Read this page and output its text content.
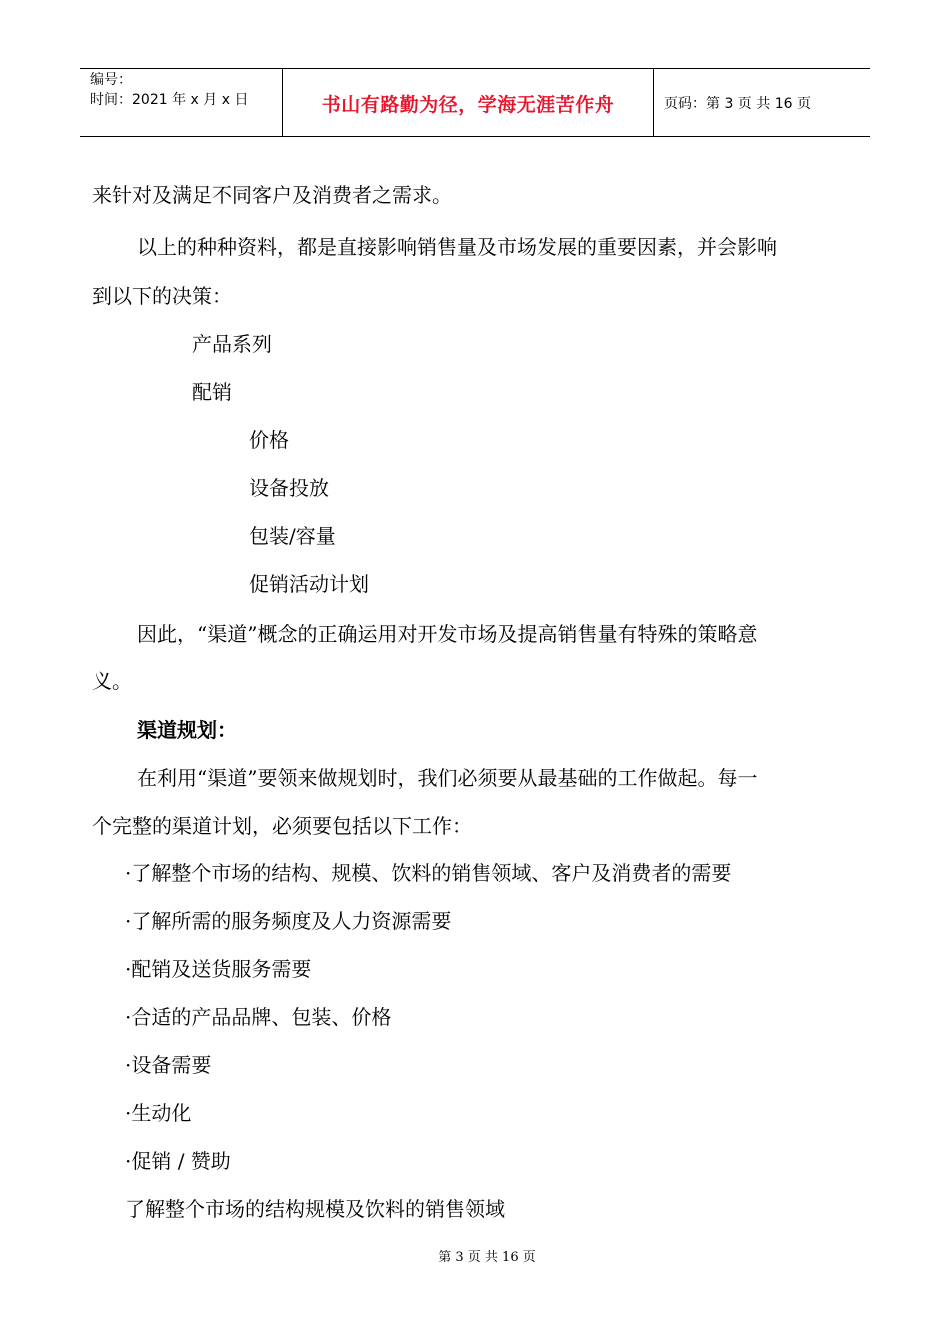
编号：
时间：2021 年 x 月 x 日	书山有路勤为径，学海无涯苦作舟	页码：第 3 页 共 16 页
来针对及满足不同客户及消费者之需求。
以上的种种资料，都是直接影响销售量及市场发展的重要因素，并会影响
到以下的决策：
产品系列
配销
价格
设备投放
包装/容量
促销活动计划
因此，“渠道”概念的正确运用对开发市场及提高销售量有特殊的策略意
义。
渠道规划：
在利用“渠道”要领来做规划时，我们必须要从最基础的工作做起。每一
个完整的渠道计划，必须要包括以下工作：
·了解整个市场的结构、规模、饮料的销售领域、客户及消费者的需要
·了解所需的服务频度及人力资源需要
·配销及送货服务需要
·合适的产品品牌、包装、价格
·设备需要
·生动化
·促销 / 赞助
了解整个市场的结构规模及饮料的销售领域
第 3 页 共 16 页
